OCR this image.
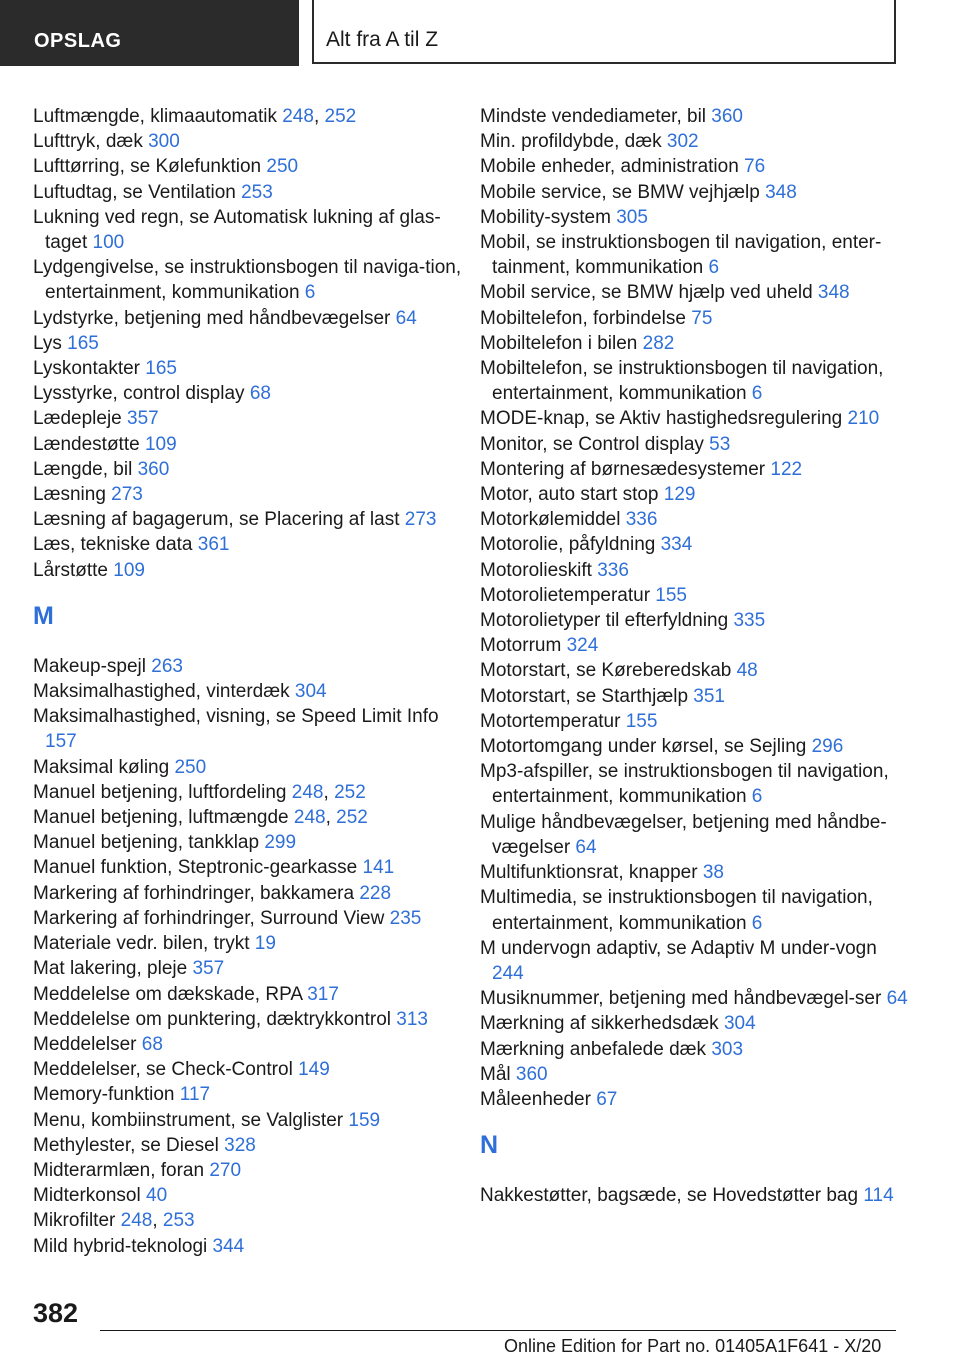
OPSLAG	Alt fra A til Z
Luftmængde, klimaautomatik 248, 252
Lufttryk, dæk 300
Lufttørring, se Kølefunktion 250
Luftudtag, se Ventilation 253
Lukning ved regn, se Automatisk lukning af glas-taget 100
Lydgengivelse, se instruktionsbogen til naviga-tion, entertainment, kommunikation 6
Lydstyrke, betjening med håndbevægelser 64
Lys 165
Lyskontakter 165
Lysstyrke, control display 68
Lædepleje 357
Lændestøtte 109
Længde, bil 360
Læsning 273
Læsning af bagagerum, se Placering af last 273
Læs, tekniske data 361
Lårstøtte 109
M
Makeup-spejl 263
Maksimalhastighed, vinterdæk 304
Maksimalhastighed, visning, se Speed Limit Info 157
Maksimal køling 250
Manuel betjening, luftfordeling 248, 252
Manuel betjening, luftmængde 248, 252
Manuel betjening, tankklap 299
Manuel funktion, Steptronic-gearkasse 141
Markering af forhindringer, bakkamera 228
Markering af forhindringer, Surround View 235
Materiale vedr. bilen, trykt 19
Mat lakering, pleje 357
Meddelelse om dækskade, RPA 317
Meddelelse om punktering, dæktrykkontrol 313
Meddelelser 68
Meddelelser, se Check-Control 149
Memory-funktion 117
Menu, kombiinstrument, se Valglister 159
Methylester, se Diesel 328
Midterarmlæn, foran 270
Midterkonsol 40
Mikrofilter 248, 253
Mild hybrid-teknologi 344
Mindste vendediameter, bil 360
Min. profildybde, dæk 302
Mobile enheder, administration 76
Mobile service, se BMW vejhjælp 348
Mobility-system 305
Mobil, se instruktionsbogen til navigation, enter-tainment, kommunikation 6
Mobil service, se BMW hjælp ved uheld 348
Mobiltelefon, forbindelse 75
Mobiltelefon i bilen 282
Mobiltelefon, se instruktionsbogen til navigation, entertainment, kommunikation 6
MODE-knap, se Aktiv hastighedsregulering 210
Monitor, se Control display 53
Montering af børnesædesystemer 122
Motor, auto start stop 129
Motorkølemiddel 336
Motorolie, påfyldning 334
Motorolieskift 336
Motorolietemperatur 155
Motorolietyper til efterfyldning 335
Motorrum 324
Motorstart, se Køreberedskab 48
Motorstart, se Starthjælp 351
Motortemperatur 155
Motortomgang under kørsel, se Sejling 296
Mp3-afspiller, se instruktionsbogen til navigation, entertainment, kommunikation 6
Mulige håndbevægelser, betjening med håndbe-vægelser 64
Multifunktionsrat, knapper 38
Multimedia, se instruktionsbogen til navigation, entertainment, kommunikation 6
M undervogn adaptiv, se Adaptiv M under-vogn 244
Musiknummer, betjening med håndbevægel-ser 64
Mærkning af sikkerhedsdæk 304
Mærkning anbefalede dæk 303
Mål 360
Måleenheder 67
N
Nakkestøtter, bagsæde, se Hovedstøtter bag 114
382
Online Edition for Part no. 01405A1F641 - X/20
